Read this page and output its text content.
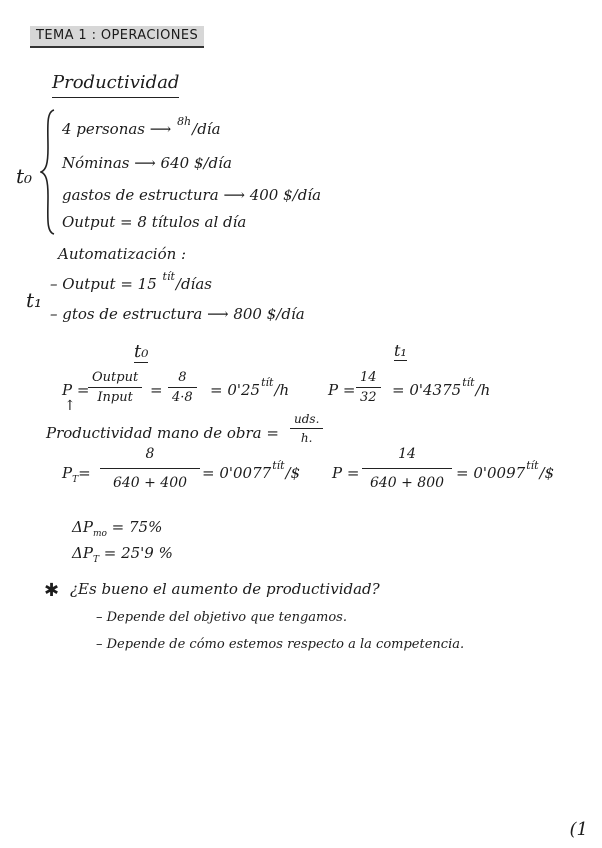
TEMA 1 : OPERACIONES
Productividad
t₀
4 personas ⟶ $^{8h}$/día
Nóminas ⟶ 640 $/día
gastos de estructura ⟶ 400 $/día
Output = 8 títulos al día
Automatización :
t₁
– Output = 15 $^{tít}$/días
– gtos de estructura ⟶ 800 $/día
t₀	t₁
P =
↑
Output
Input	=
8
$4\cdot 8 = 0'25^{tít}/h$	P =
14
$32 = 0'4375^{tít}/h$
Productividad mano de obra =
uds.
h.
$P_T=$
8
640 + 400
= $0'0077^{tít}/\$$ P =
14
640 + 800
= $0'0097^{tít}/\$$
$\Delta P_{mo} = 75\%$
$\Delta P_T = 25'9$ %
✱ ¿Es bueno el aumento de productividad?
– Depende del objetivo que tengamos.
– Depende de cómo estemos respecto a la competencia.
(1
